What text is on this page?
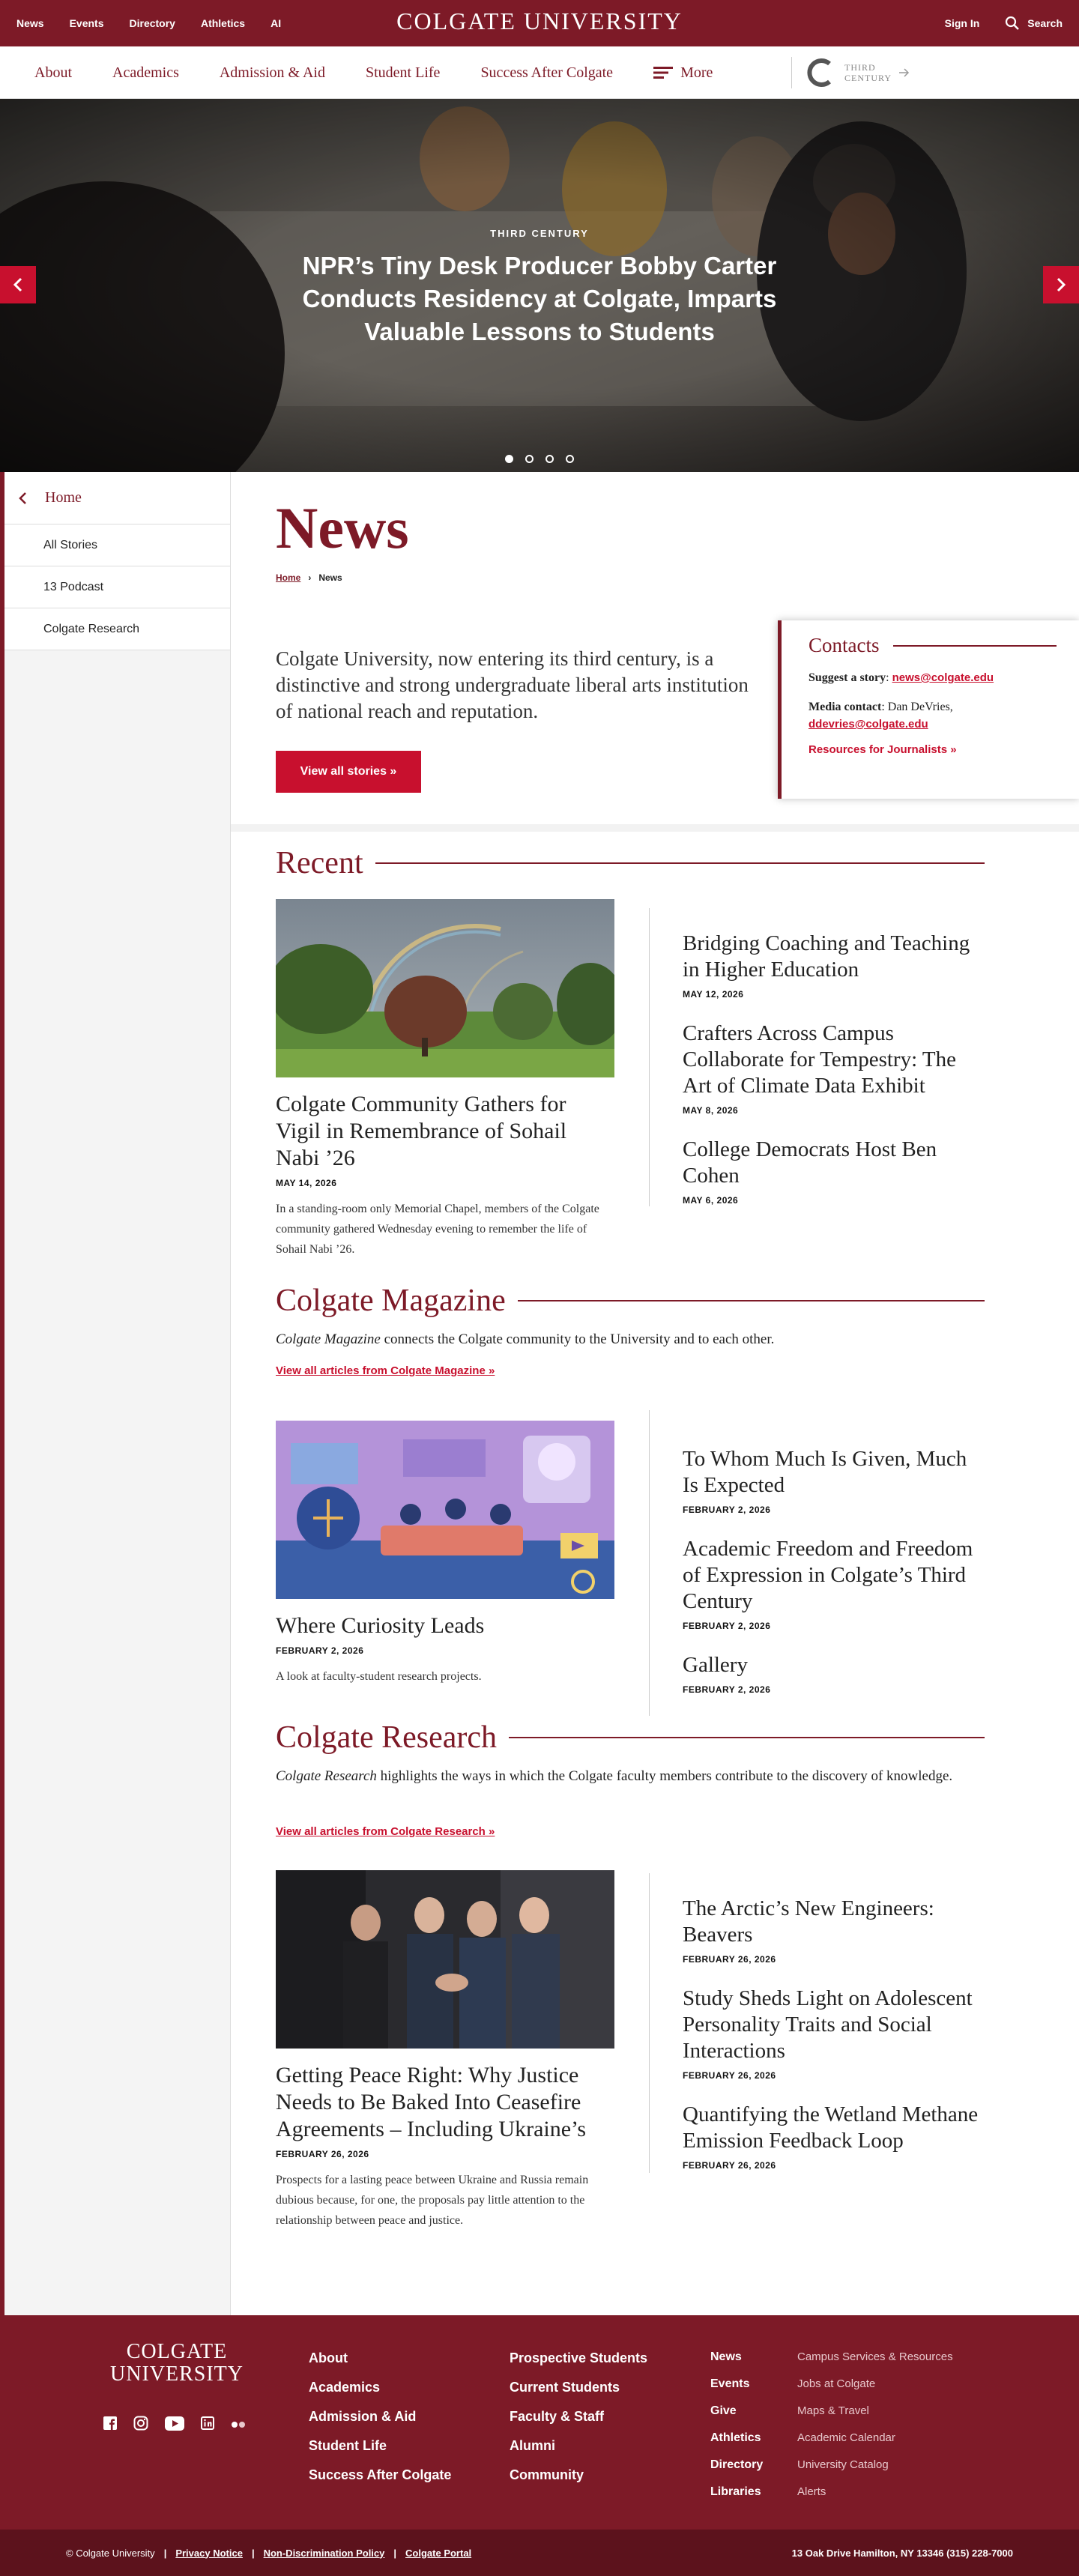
News Events Directory Athletics AI	COLGATE UNIVERSITY	Sign In	Search
About	Academics	Admission & Aid	Student Life	Success After Colgate	More	THIRD
CENTURY
THIRD CENTURY
NPR’s Tiny Desk Producer Bobby Carter Conducts Residency at Colgate, Imparts Valuable Lessons to Students
Home
All Stories
13 Podcast
Colgate Research
News
Home › News

Colgate University, now entering its third century, is a distinctive and strong undergraduate liberal arts institution of national reach and reputation.

View all stories »
Contacts

Suggest a story: news@colgate.edu

Media contact: Dan DeVries, ddevries@colgate.edu

Resources for Journalists »
Recent
Colgate Community Gathers for Vigil in Remembrance of Sohail Nabi ’26
MAY 14, 2026
In a standing-room only Memorial Chapel, members of the Colgate community gathered Wednesday evening to remember the life of Sohail Nabi ’26.
Bridging Coaching and Teaching in Higher Education
MAY 12, 2026
Crafters Across Campus Collaborate for Tempestry: The Art of Climate Data Exhibit
MAY 8, 2026
College Democrats Host Ben Cohen
MAY 6, 2026
Colgate Magazine

Colgate Magazine connects the Colgate community to the University and to each other.

View all articles from Colgate Magazine »
Where Curiosity Leads
FEBRUARY 2, 2026
A look at faculty-student research projects.
To Whom Much Is Given, Much Is Expected
FEBRUARY 2, 2026
Academic Freedom and Freedom of Expression in Colgate’s Third Century
FEBRUARY 2, 2026
Gallery
FEBRUARY 2, 2026
Colgate Research

Colgate Research highlights the ways in which the Colgate faculty members contribute to the discovery of knowledge.

View all articles from Colgate Research »
Getting Peace Right: Why Justice Needs to Be Baked Into Ceasefire Agreements – Including Ukraine’s
FEBRUARY 26, 2026
Prospects for a lasting peace between Ukraine and Russia remain dubious because, for one, the proposals pay little attention to the relationship between peace and justice.
The Arctic’s New Engineers: Beavers
FEBRUARY 26, 2026
Study Sheds Light on Adolescent Personality Traits and Social Interactions
FEBRUARY 26, 2026
Quantifying the Wetland Methane Emission Feedback Loop
FEBRUARY 26, 2026
COLGATE
UNIVERSITY
About
Academics
Admission & Aid
Student Life
Success After Colgate
Prospective Students
Current Students
Faculty & Staff
Alumni
Community
News
Events
Give
Athletics
Directory
Libraries
Campus Services & Resources
Jobs at Colgate
Maps & Travel
Academic Calendar
University Catalog
Alerts
© Colgate University | Privacy Notice | Non-Discrimination Policy | Colgate Portal	13 Oak Drive Hamilton, NY 13346 (315) 228-7000
